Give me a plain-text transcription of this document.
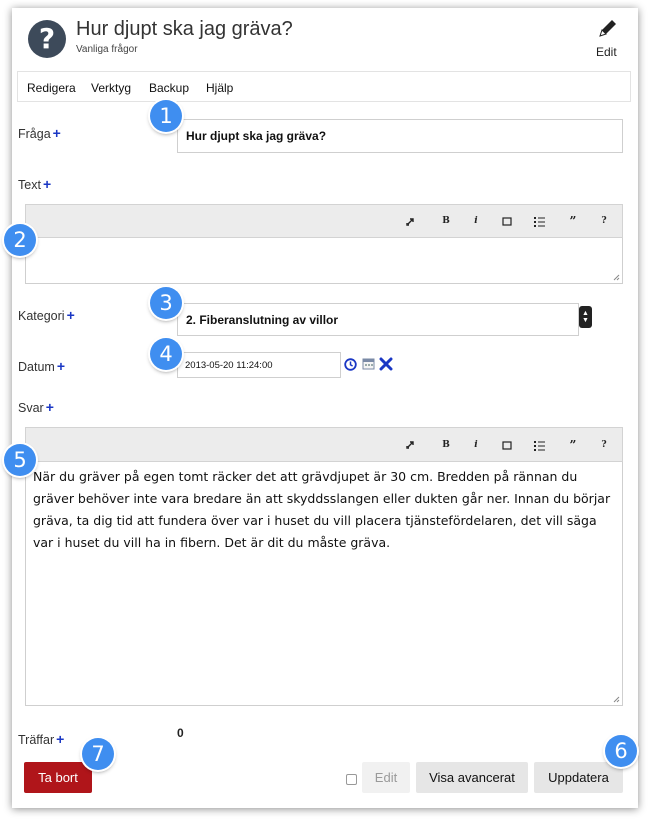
?	Hur djupt ska jag gräva?
Vanliga frågor	Edit
Redigera Verktyg Backup Hjälp
Fråga +
Hur djupt ska jag gräva?
Text +
B	i	”	?
Kategori +	2. Fiberanslutning av villor	▲
▼
Datum +
2013-05-20 11:24:00
Svar +
B	i	”	?
När du gräver på egen tomt räcker det att grävdjupet är 30 cm. Bredden på rännan du gräver behöver inte vara bredare än att skyddsslangen eller dukten går ner. Innan du börjar gräva, ta dig tid att fundera över var i huset du vill placera tjänstefördelaren, det vill säga var i huset du vill ha in fibern. Det är dit du måste gräva.
Träffar +	0
Ta bort	Edit	Visa avancerat	Uppdatera
1
2
3
4
5
6
7
